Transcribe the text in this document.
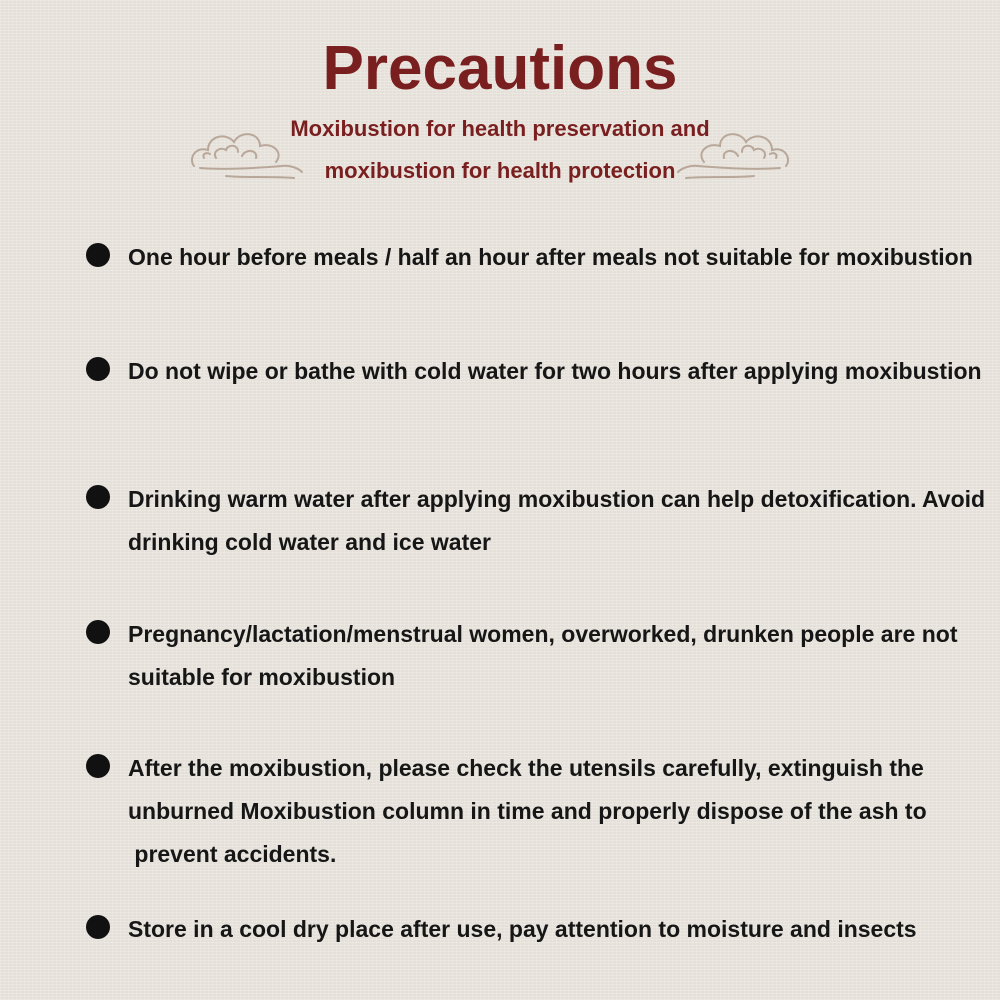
Precautions
Moxibustion for health preservation and
moxibustion for health protection
One hour before meals / half an hour after meals not suitable for moxibustion
Do not wipe or bathe with cold water for two hours after applying moxibustion
Drinking warm water after applying moxibustion can help detoxification. Avoid
drinking cold water and ice water
Pregnancy/lactation/menstrual women, overworked, drunken people are not
suitable for moxibustion
After the moxibustion, please check the utensils carefully, extinguish the
unburned Moxibustion column in time and properly dispose of the ash to
prevent accidents.
Store in a cool dry place after use, pay attention to moisture and insects
